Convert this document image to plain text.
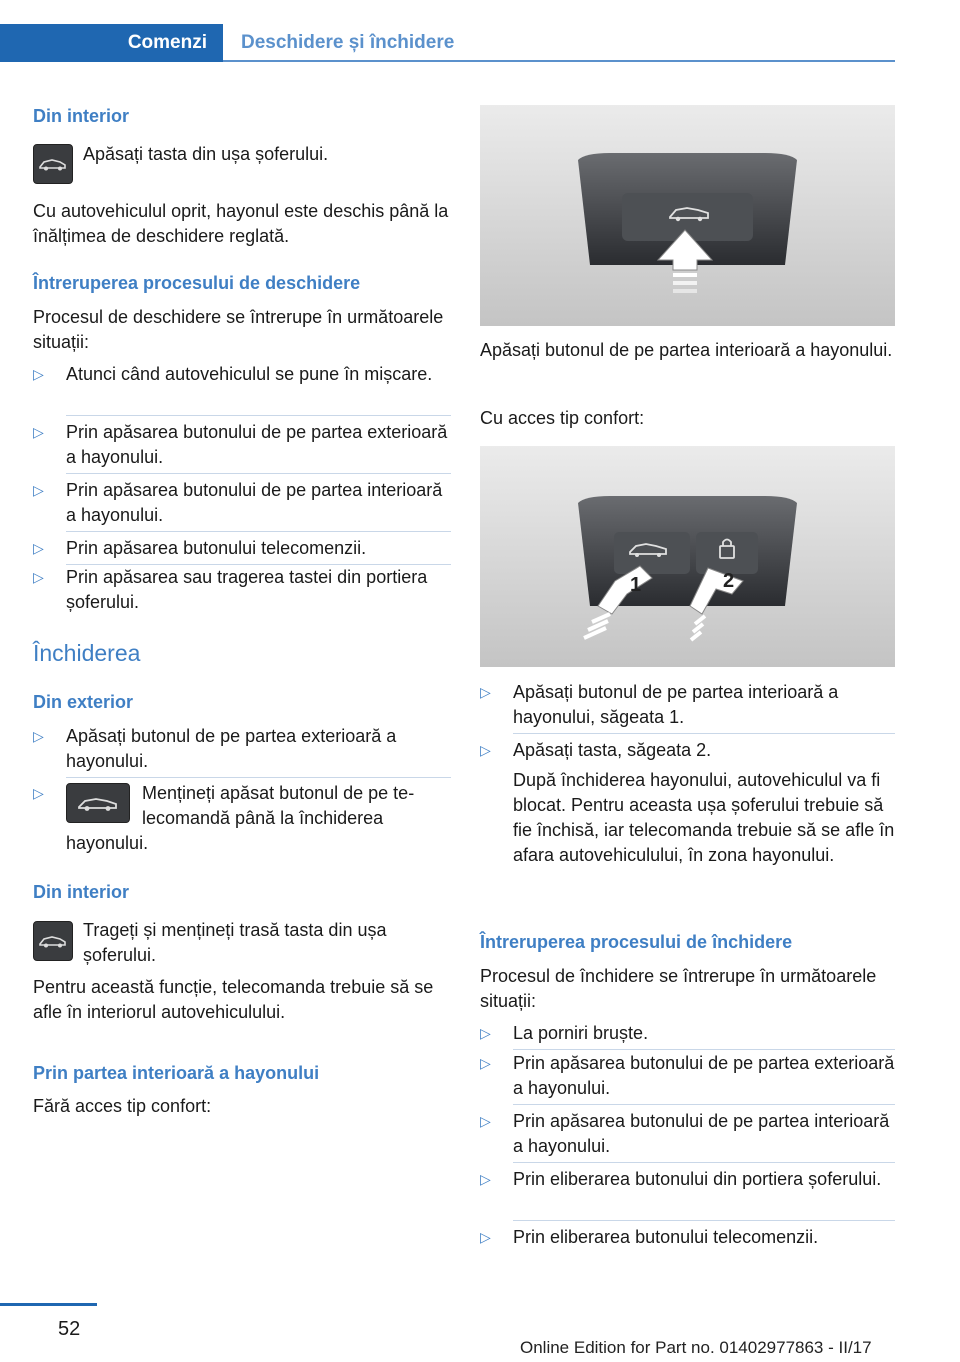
Comenzi	Deschidere și închidere
Din interior
Apăsați tasta din ușa șoferului.
Cu autovehiculul oprit, hayonul este deschis până la înălțimea de deschidere reglată.
Întreruperea procesului de deschidere
Procesul de deschidere se întrerupe în următoarele situații:
▷ Atunci când autovehiculul se pune în mișcare.
▷ Prin apăsarea butonului de pe partea exterioară a hayonului.
▷ Prin apăsarea butonului de pe partea interioară a hayonului.
▷ Prin apăsarea butonului telecomenzii.
▷ Prin apăsarea sau tragerea tastei din portiera șoferului.
Închiderea
Din exterior
▷ Apăsați butonul de pe partea exterioară a hayonului.
▷	Mențineți apăsat butonul de pe telecomandă până la închiderea
hayonului.
Din interior
Trageți și mențineți trasă tasta din ușa șoferului.
Pentru această funcție, telecomanda trebuie să se afle în interiorul autovehiculului.
Prin partea interioară a hayonului
Fără acces tip confort:
Apăsați butonul de pe partea interioară a hayonului.
Cu acces tip confort:
1	2
▷ Apăsați butonul de pe partea interioară a hayonului, săgeata 1.
▷ Apăsați tasta, săgeata 2.
După închiderea hayonului, autovehiculul va fi blocat. Pentru aceasta ușa șoferului trebuie să fie închisă, iar telecomanda trebuie să se afle în afara autovehiculului, în zona hayonului.
Întreruperea procesului de închidere
Procesul de închidere se întrerupe în următoarele situații:
▷ La porniri bruște.
▷ Prin apăsarea butonului de pe partea exterioară a hayonului.
▷ Prin apăsarea butonului de pe partea interioară a hayonului.
▷ Prin eliberarea butonului din portiera șoferului.
▷ Prin eliberarea butonului telecomenzii.
52
Online Edition for Part no. 01402977863 - II/17
